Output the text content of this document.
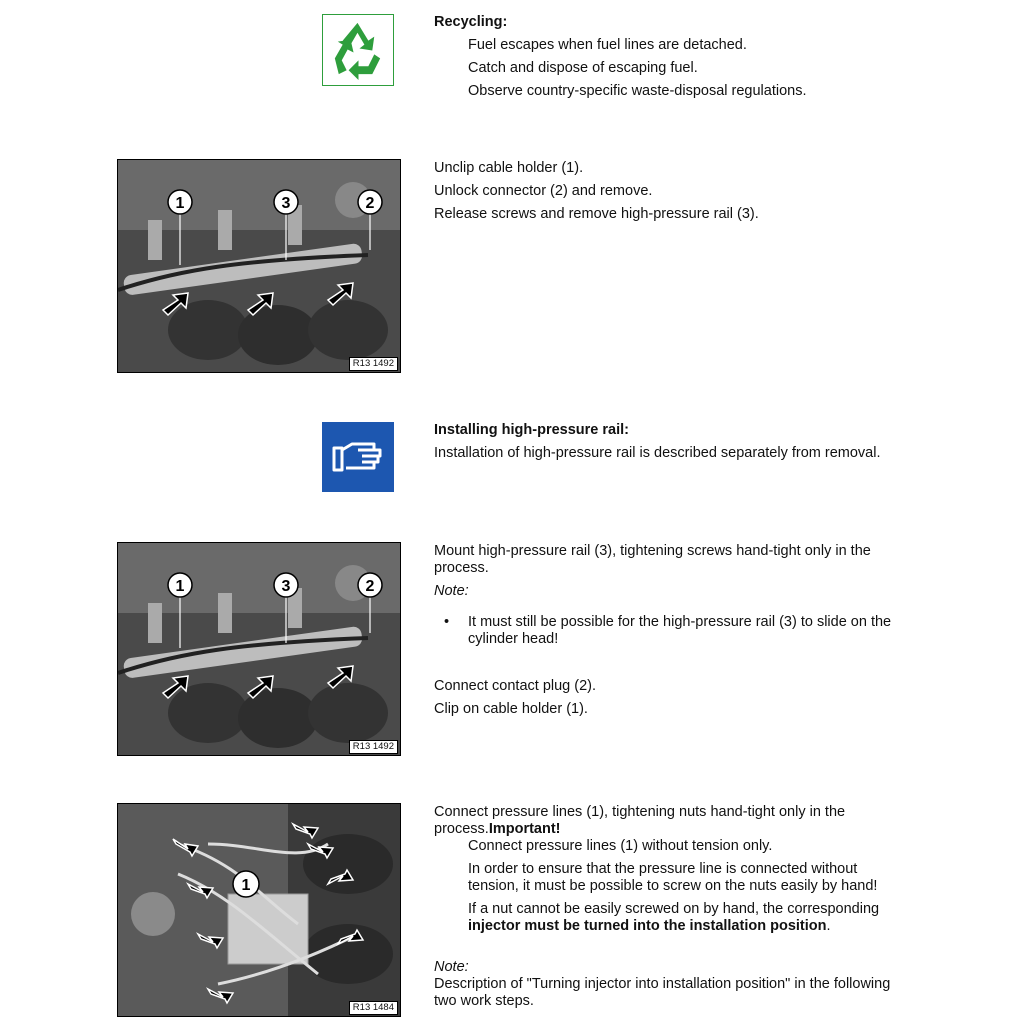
Recycling:

Fuel escapes when fuel lines are detached.

Catch and dispose of escaping fuel.

Observe country-specific waste-disposal regulations.

1	3	2
R13 1492

Unclip cable holder (1).

Unlock connector (2) and remove.

Release screws and remove high-pressure rail (3).

Installing high-pressure rail:

Installation of high-pressure rail is described separately from removal.

1	3	2
R13 1492

Mount high-pressure rail (3), tightening screws hand-tight only in the process.

Note:

• It must still be possible for the high-pressure rail (3) to slide on the cylinder head!

Connect contact plug (2).

Clip on cable holder (1).

1
R13 1484

Connect pressure lines (1), tightening nuts hand-tight only in the process.Important!

Connect pressure lines (1) without tension only.

In order to ensure that the pressure line is connected without tension, it must be possible to screw on the nuts easily by hand!

If a nut cannot be easily screwed on by hand, the corresponding injector must be turned into the installation position.

Note:

Description of "Turning injector into installation position" in the following two work steps.
